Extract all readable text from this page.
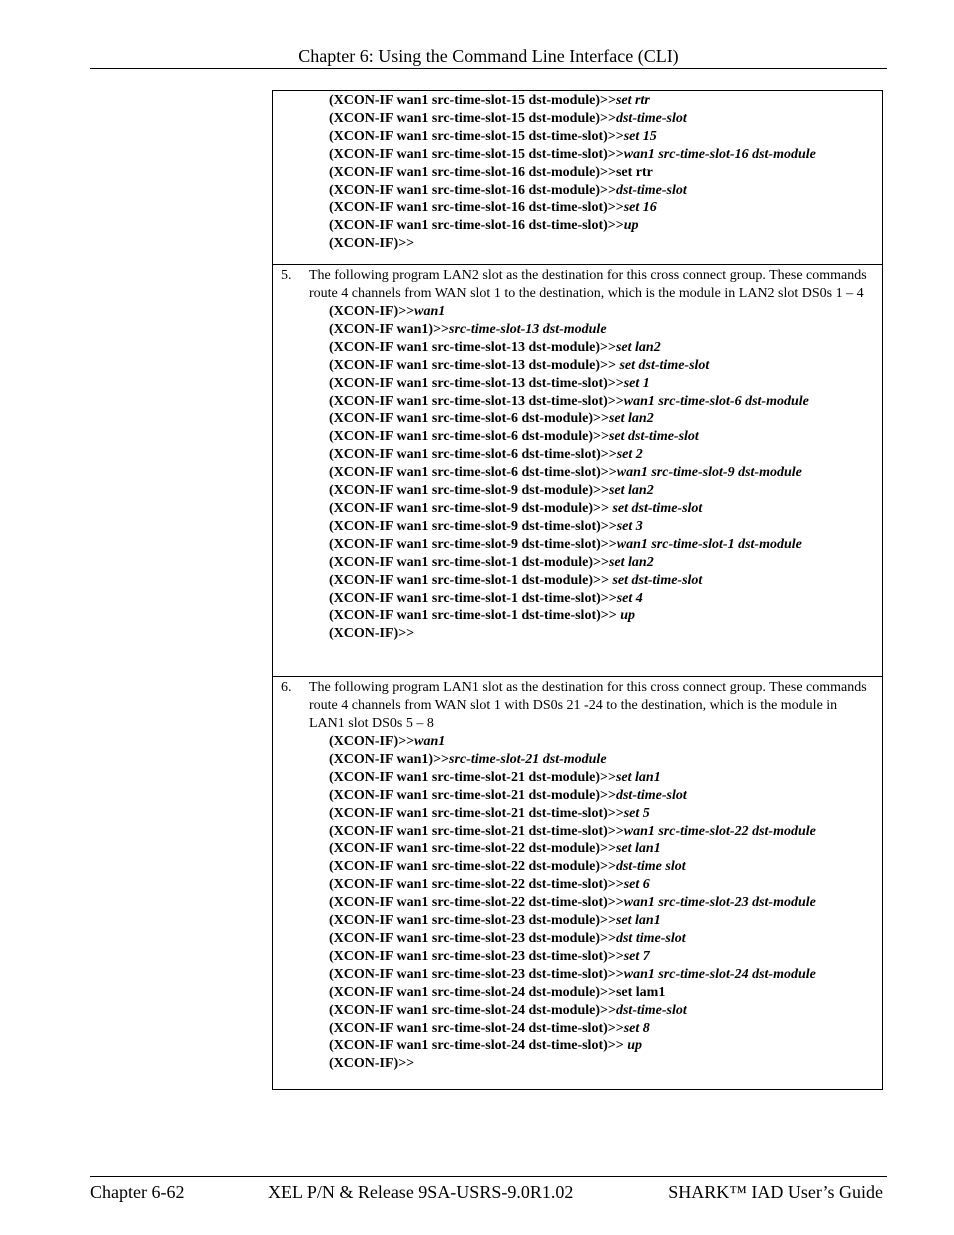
Chapter 6: Using the Command Line Interface (CLI)
(XCON-IF wan1 src-time-slot-15 dst-module)>>set rtr
(XCON-IF wan1 src-time-slot-15 dst-module)>>dst-time-slot
(XCON-IF wan1 src-time-slot-15 dst-time-slot)>>set 15
(XCON-IF wan1 src-time-slot-15 dst-time-slot)>>wan1 src-time-slot-16 dst-module
(XCON-IF wan1 src-time-slot-16 dst-module)>>set rtr
(XCON-IF wan1 src-time-slot-16 dst-module)>>dst-time-slot
(XCON-IF wan1 src-time-slot-16 dst-time-slot)>>set 16
(XCON-IF wan1 src-time-slot-16 dst-time-slot)>>up
(XCON-IF)>>
5. The following program LAN2 slot as the destination for this cross connect group. These commands route 4 channels from WAN slot 1 to the destination, which is the module in LAN2 slot DS0s 1 – 4
(XCON-IF)>>wan1
(XCON-IF wan1)>>src-time-slot-13 dst-module
(XCON-IF wan1 src-time-slot-13 dst-module)>>set lan2
(XCON-IF wan1 src-time-slot-13 dst-module)>> set dst-time-slot
(XCON-IF wan1 src-time-slot-13 dst-time-slot)>>set 1
(XCON-IF wan1 src-time-slot-13 dst-time-slot)>>wan1 src-time-slot-6 dst-module
(XCON-IF wan1 src-time-slot-6 dst-module)>>set lan2
(XCON-IF wan1 src-time-slot-6 dst-module)>>set dst-time-slot
(XCON-IF wan1 src-time-slot-6 dst-time-slot)>>set 2
(XCON-IF wan1 src-time-slot-6 dst-time-slot)>>wan1 src-time-slot-9 dst-module
(XCON-IF wan1 src-time-slot-9 dst-module)>>set lan2
(XCON-IF wan1 src-time-slot-9 dst-module)>> set dst-time-slot
(XCON-IF wan1 src-time-slot-9 dst-time-slot)>>set 3
(XCON-IF wan1 src-time-slot-9 dst-time-slot)>>wan1 src-time-slot-1 dst-module
(XCON-IF wan1 src-time-slot-1 dst-module)>>set lan2
(XCON-IF wan1 src-time-slot-1 dst-module)>> set dst-time-slot
(XCON-IF wan1 src-time-slot-1 dst-time-slot)>>set 4
(XCON-IF wan1 src-time-slot-1 dst-time-slot)>> up
(XCON-IF)>>
6. The following program LAN1 slot as the destination for this cross connect group. These commands route 4 channels from WAN slot 1 with DS0s 21 -24 to the destination, which is the module in LAN1 slot DS0s 5 – 8
(XCON-IF)>>wan1
(XCON-IF wan1)>>src-time-slot-21 dst-module
(XCON-IF wan1 src-time-slot-21 dst-module)>>set lan1
(XCON-IF wan1 src-time-slot-21 dst-module)>>dst-time-slot
(XCON-IF wan1 src-time-slot-21 dst-time-slot)>>set 5
(XCON-IF wan1 src-time-slot-21 dst-time-slot)>>wan1 src-time-slot-22 dst-module
(XCON-IF wan1 src-time-slot-22 dst-module)>>set lan1
(XCON-IF wan1 src-time-slot-22 dst-module)>>dst-time slot
(XCON-IF wan1 src-time-slot-22 dst-time-slot)>>set 6
(XCON-IF wan1 src-time-slot-22 dst-time-slot)>>wan1 src-time-slot-23 dst-module
(XCON-IF wan1 src-time-slot-23 dst-module)>>set lan1
(XCON-IF wan1 src-time-slot-23 dst-module)>>dst time-slot
(XCON-IF wan1 src-time-slot-23 dst-time-slot)>>set 7
(XCON-IF wan1 src-time-slot-23 dst-time-slot)>>wan1 src-time-slot-24 dst-module
(XCON-IF wan1 src-time-slot-24 dst-module)>>set lam1
(XCON-IF wan1 src-time-slot-24 dst-module)>>dst-time-slot
(XCON-IF wan1 src-time-slot-24 dst-time-slot)>>set 8
(XCON-IF wan1 src-time-slot-24 dst-time-slot)>> up
(XCON-IF)>>
Chapter 6-62	XEL P/N & Release 9SA-USRS-9.0R1.02	SHARK™ IAD User’s Guide
